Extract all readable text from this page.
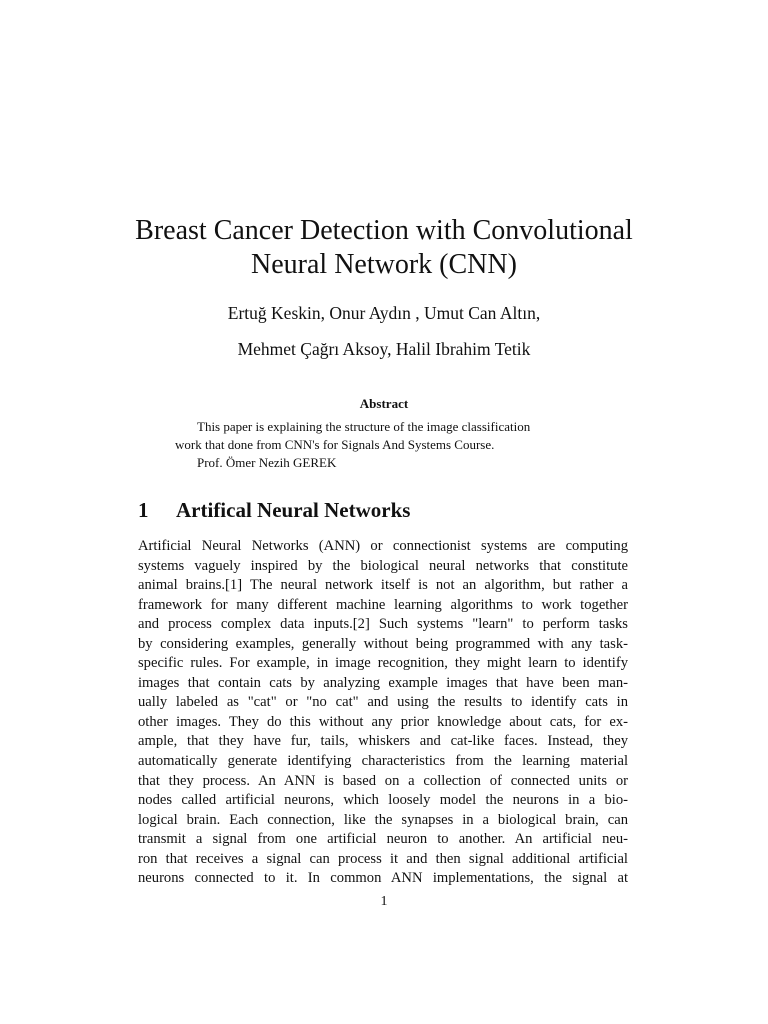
Breast Cancer Detection with Convolutional
Neural Network (CNN)
Ertuğ Keskin, Onur Aydın , Umut Can Altın,
Mehmet Çağrı Aksoy, Halil Ibrahim Tetik
Abstract
This paper is explaining the structure of the image classification
work that done from CNN's for Signals And Systems Course.
Prof. Ömer Nezih GEREK
1 Artifical Neural Networks
Artificial Neural Networks (ANN) or connectionist systems are computing
systems vaguely inspired by the biological neural networks that constitute
animal brains.[1] The neural network itself is not an algorithm, but rather a
framework for many different machine learning algorithms to work together
and process complex data inputs.[2] Such systems "learn" to perform tasks
by considering examples, generally without being programmed with any task-
specific rules. For example, in image recognition, they might learn to identify
images that contain cats by analyzing example images that have been man-
ually labeled as "cat" or "no cat" and using the results to identify cats in
other images. They do this without any prior knowledge about cats, for ex-
ample, that they have fur, tails, whiskers and cat-like faces. Instead, they
automatically generate identifying characteristics from the learning material
that they process. An ANN is based on a collection of connected units or
nodes called artificial neurons, which loosely model the neurons in a bio-
logical brain. Each connection, like the synapses in a biological brain, can
transmit a signal from one artificial neuron to another. An artificial neu-
ron that receives a signal can process it and then signal additional artificial
neurons connected to it. In common ANN implementations, the signal at
1
